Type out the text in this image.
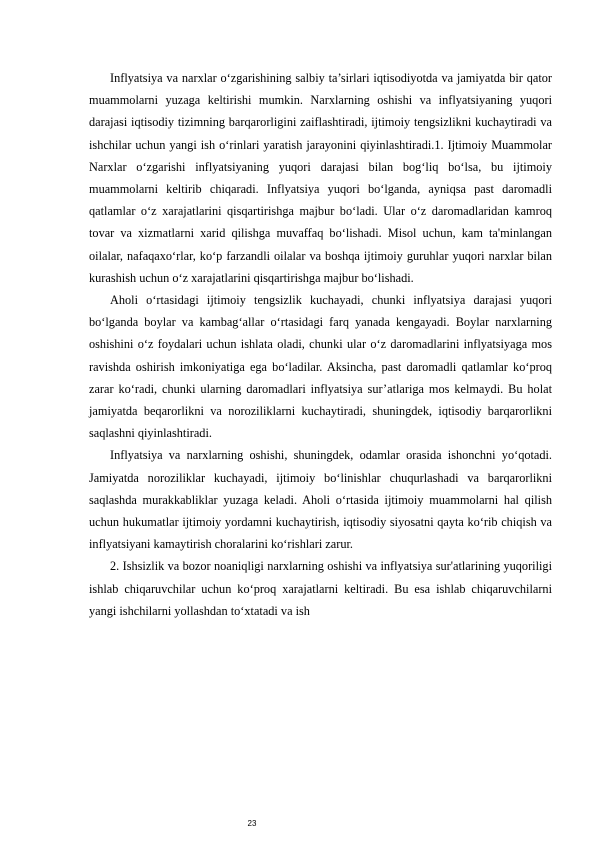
Inflyatsiya va narxlar o‘zgarishining salbiy ta’sirlari iqtisodiyotda va jamiyatda bir qator muammolarni yuzaga keltirishi mumkin. Narxlarning oshishi va inflyatsiyaning yuqori darajasi iqtisodiy tizimning barqarorligini zaiflashtiradi, ijtimoiy tengsizlikni kuchaytiradi va ishchilar uchun yangi ish o‘rinlari yaratish jarayonini qiyinlashtiradi.1. Ijtimoiy Muammolar Narxlar o‘zgarishi inflyatsiyaning yuqori darajasi bilan bog‘liq bo‘lsa, bu ijtimoiy muammolarni keltirib chiqaradi. Inflyatsiya yuqori bo‘lganda, ayniqsa past daromadli qatlamlar o‘z xarajatlarini qisqartirishga majbur bo‘ladi. Ular o‘z daromadlaridan kamroq tovar va xizmatlarni xarid qilishga muvaffaq bo‘lishadi. Misol uchun, kam ta'minlangan oilalar, nafaqaxo‘rlar, ko‘p farzandli oilalar va boshqa ijtimoiy guruhlar yuqori narxlar bilan kurashish uchun o‘z xarajatlarini qisqartirishga majbur bo‘lishadi.

Aholi o‘rtasidagi ijtimoiy tengsizlik kuchayadi, chunki inflyatsiya darajasi yuqori bo‘lganda boylar va kambag‘allar o‘rtasidagi farq yanada kengayadi. Boylar narxlarning oshishini o‘z foydalari uchun ishlata oladi, chunki ular o‘z daromadlarini inflyatsiyaga mos ravishda oshirish imkoniyatiga ega bo‘ladilar. Aksincha, past daromadli qatlamlar ko‘proq zarar ko‘radi, chunki ularning daromadlari inflyatsiya sur’atlariga mos kelmaydi. Bu holat jamiyatda beqarorlikni va noroziliklarni kuchaytiradi, shuningdek, iqtisodiy barqarorlikni saqlashni qiyinlashtiradi.

Inflyatsiya va narxlarning oshishi, shuningdek, odamlar orasida ishonchni yo‘qotadi. Jamiyatda noroziliklar kuchayadi, ijtimoiy bo‘linishlar chuqurlashadi va barqarorlikni saqlashda murakkabliklar yuzaga keladi. Aholi o‘rtasida ijtimoiy muammolarni hal qilish uchun hukumatlar ijtimoiy yordamni kuchaytirish, iqtisodiy siyosatni qayta ko‘rib chiqish va inflyatsiyani kamaytirish choralarini ko‘rishlari zarur.

2. Ishsizlik va bozor noaniqligi narxlarning oshishi va inflyatsiya sur'atlarining yuqoriligi ishlab chiqaruvchilar uchun ko‘proq xarajatlarni keltiradi. Bu esa ishlab chiqaruvchilarni yangi ishchilarni yollashdan to‘xtatadi va ish

23
